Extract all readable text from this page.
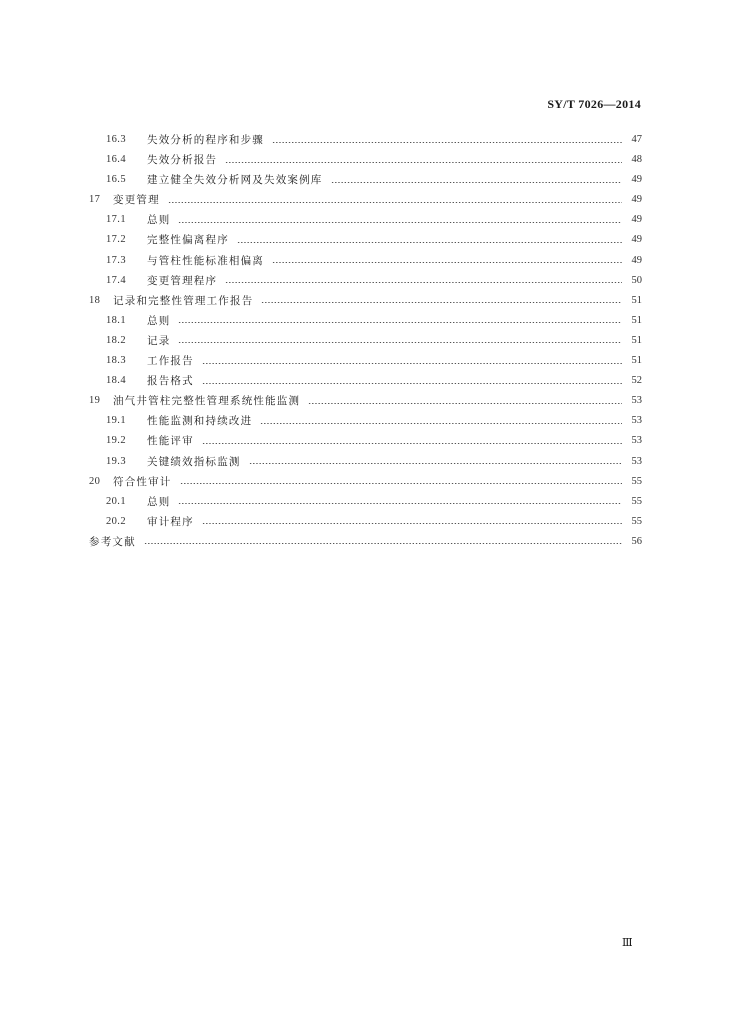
SY/T 7026—2014
16.3	失效分析的程序和步骤	47
16.4	失效分析报告	48
16.5	建立健全失效分析网及失效案例库	49
17	变更管理	49
17.1	总则	49
17.2	完整性偏离程序	49
17.3	与管柱性能标准相偏离	49
17.4	变更管理程序	50
18	记录和完整性管理工作报告	51
18.1	总则	51
18.2	记录	51
18.3	工作报告	51
18.4	报告格式	52
19	油气井管柱完整性管理系统性能监测	53
19.1	性能监测和持续改进	53
19.2	性能评审	53
19.3	关键绩效指标监测	53
20	符合性审计	55
20.1	总则	55
20.2	审计程序	55
参考文献	56
Ⅲ
